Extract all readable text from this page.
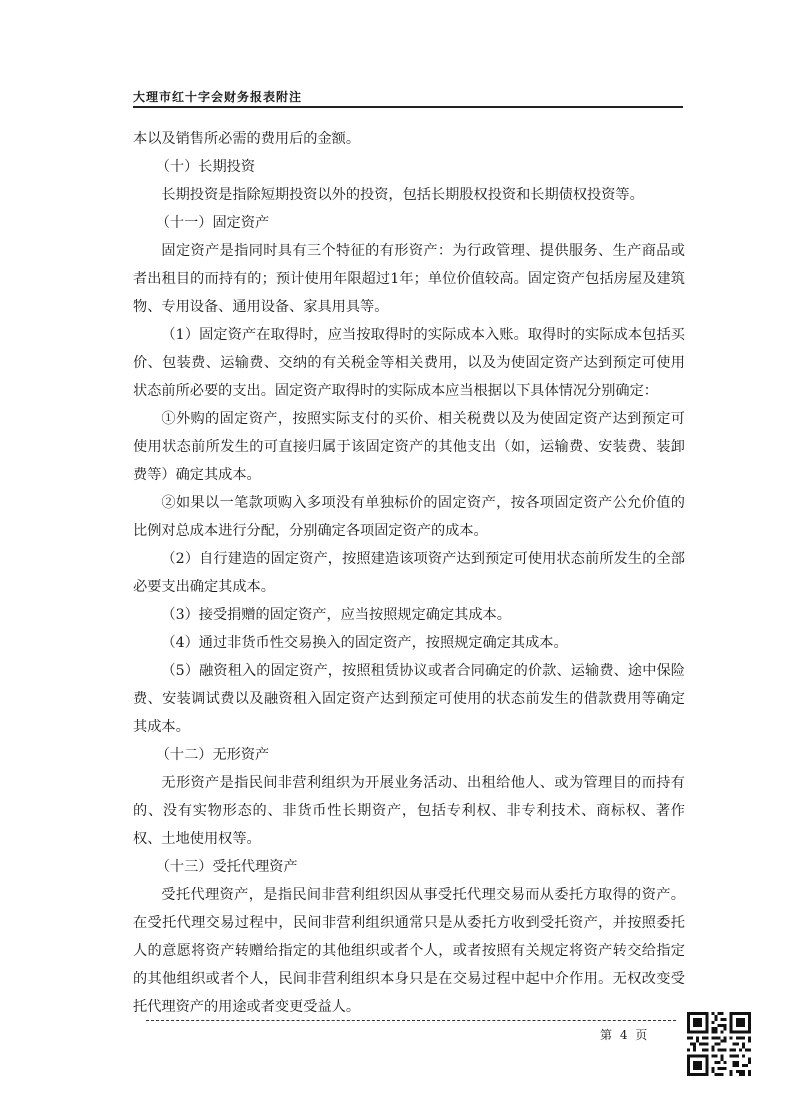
大理市红十字会财务报表附注

本以及销售所必需的费用后的金额。

（十）长期投资

长期投资是指除短期投资以外的投资，包括长期股权投资和长期债权投资等。

（十一）固定资产

固定资产是指同时具有三个特征的有形资产：为行政管理、提供服务、生产商品或者出租目的而持有的；预计使用年限超过1年；单位价值较高。固定资产包括房屋及建筑物、专用设备、通用设备、家具用具等。

（1）固定资产在取得时，应当按取得时的实际成本入账。取得时的实际成本包括买价、包装费、运输费、交纳的有关税金等相关费用，以及为使固定资产达到预定可使用状态前所必要的支出。固定资产取得时的实际成本应当根据以下具体情况分别确定：

①外购的固定资产，按照实际支付的买价、相关税费以及为使固定资产达到预定可使用状态前所发生的可直接归属于该固定资产的其他支出（如，运输费、安装费、装卸费等）确定其成本。

②如果以一笔款项购入多项没有单独标价的固定资产，按各项固定资产公允价值的比例对总成本进行分配，分别确定各项固定资产的成本。

（2）自行建造的固定资产，按照建造该项资产达到预定可使用状态前所发生的全部必要支出确定其成本。

（3）接受捐赠的固定资产，应当按照规定确定其成本。

（4）通过非货币性交易换入的固定资产，按照规定确定其成本。

（5）融资租入的固定资产，按照租赁协议或者合同确定的价款、运输费、途中保险费、安装调试费以及融资租入固定资产达到预定可使用的状态前发生的借款费用等确定其成本。

（十二）无形资产

无形资产是指民间非营利组织为开展业务活动、出租给他人、或为管理目的而持有的、没有实物形态的、非货币性长期资产，包括专利权、非专利技术、商标权、著作权、土地使用权等。

（十三）受托代理资产

受托代理资产，是指民间非营利组织因从事受托代理交易而从委托方取得的资产。在受托代理交易过程中，民间非营利组织通常只是从委托方收到受托资产，并按照委托人的意愿将资产转赠给指定的其他组织或者个人，或者按照有关规定将资产转交给指定的其他组织或者个人，民间非营利组织本身只是在交易过程中起中介作用。无权改变受托代理资产的用途或者变更受益人。

第 4 页
